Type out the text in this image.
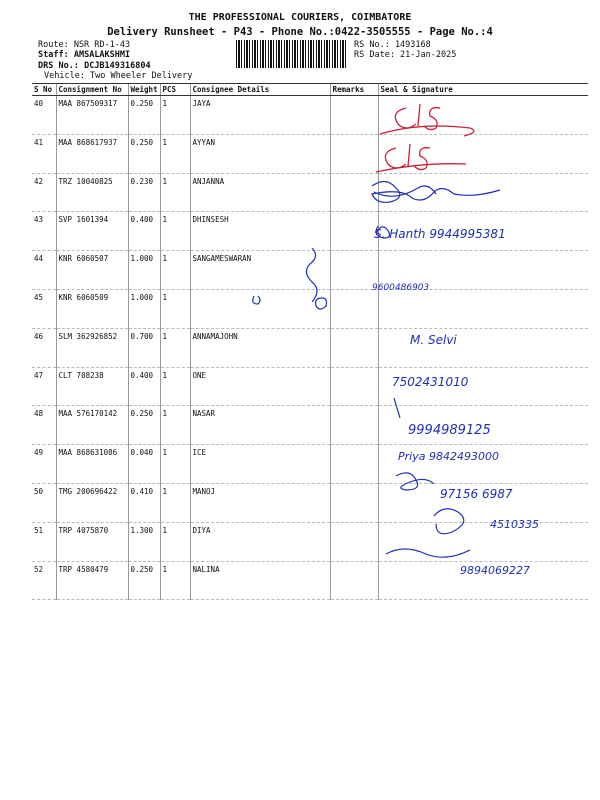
THE PROFESSIONAL COURIERS, COIMBATORE
Delivery Runsheet - P43 - Phone No.:0422-3505555 - Page No.:4
Route: NSR RD-1-43
Staff: AMSALAKSHMI
DRS No.: DCJB149316804
Vehicle: Two Wheeler Delivery
RS No.: 1493168
RS Date: 21-Jan-2025
S No	Consignment No	Weight	PCS	Consignee Details	Remarks	Seal & Signature
40	MAA 867509317	0.250	1	JAYA		
41	MAA 868617937	0.250	1	AYYAN		
42	TRZ 10040825	0.230	1	ANJANNA		
43	SVP 1601394	0.400	1	DHINSESH		
44	KNR 6060507	1.000	1	SANGAMESWARAN		
45	KNR 6060509	1.000	1			
46	SLM 362926852	0.700	1	ANNAMAJOHN		
47	CLT 708238	0.400	1	ONE		
48	MAA 576170142	0.250	1	NASAR		
49	MAA 868631086	0.040	1	ICE		
50	TMG 200696422	0.410	1	MANOJ		
51	TRP 4075870	1.300	1	DIYA		
52	TRP 4580479	0.250	1	NALINA		
S. Hanth 9944995381
9600486903
M. Selvi
7502431010
9994989125
Priya 9842493000
97156 6987
4510335
9894069227
